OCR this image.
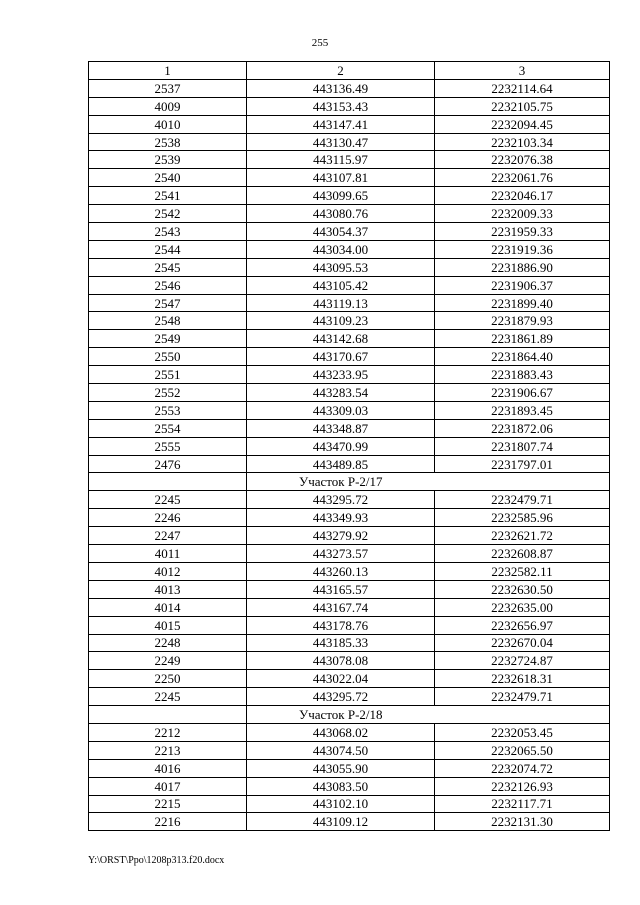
255
1	2	3
2537	443136.49	2232114.64
4009	443153.43	2232105.75
4010	443147.41	2232094.45
2538	443130.47	2232103.34
2539	443115.97	2232076.38
2540	443107.81	2232061.76
2541	443099.65	2232046.17
2542	443080.76	2232009.33
2543	443054.37	2231959.33
2544	443034.00	2231919.36
2545	443095.53	2231886.90
2546	443105.42	2231906.37
2547	443119.13	2231899.40
2548	443109.23	2231879.93
2549	443142.68	2231861.89
2550	443170.67	2231864.40
2551	443233.95	2231883.43
2552	443283.54	2231906.67
2553	443309.03	2231893.45
2554	443348.87	2231872.06
2555	443470.99	2231807.74
2476	443489.85	2231797.01
	Участок Р-2/17	
2245	443295.72	2232479.71
2246	443349.93	2232585.96
2247	443279.92	2232621.72
4011	443273.57	2232608.87
4012	443260.13	2232582.11
4013	443165.57	2232630.50
4014	443167.74	2232635.00
4015	443178.76	2232656.97
2248	443185.33	2232670.04
2249	443078.08	2232724.87
2250	443022.04	2232618.31
2245	443295.72	2232479.71
	Участок Р-2/18	
2212	443068.02	2232053.45
2213	443074.50	2232065.50
4016	443055.90	2232074.72
4017	443083.50	2232126.93
2215	443102.10	2232117.71
2216	443109.12	2232131.30
Y:\ORST\Ppo\1208p313.f20.docx
